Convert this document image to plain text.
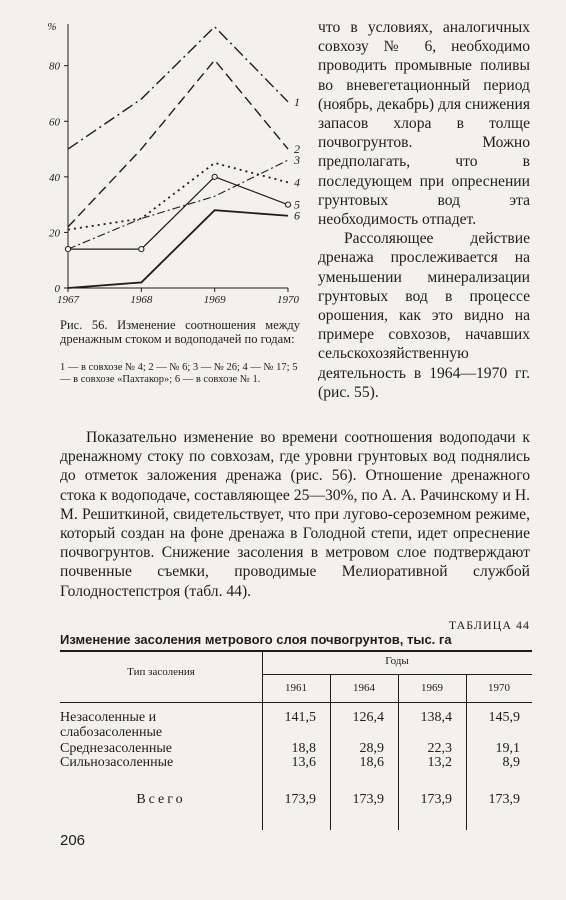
0
20
40
60
80
%
1967	1968	1969	1970
1
2
3
4
5
6
Рис. 56. Изменение соотношения между дренажным стоком и водоподачей по годам:
1 — в совхозе № 4; 2 — № 6; 3 — № 26; 4 — № 17; 5 — в совхозе «Пахтакор»; 6 — в совхозе № 1.

что в условиях, аналогичных совхозу № 6, необходимо проводить промывные поливы во вневегетационный период (ноябрь, декабрь) для снижения запасов хлора в толще почвогрунтов. Можно предполагать, что в последующем при опреснении грунтовых вод эта необходимость отпадет.

Рассоляющее действие дренажа прослеживается на уменьшении минерализации грунтовых вод в процессе орошения, как это видно на примере совхозов, начавших сельскохозяйственную деятельность в 1964—1970 гг. (рис. 55).

Показательно изменение во времени соотношения водоподачи к дренажному стоку по совхозам, где уровни грунтовых вод поднялись до отметок заложения дренажа (рис. 56). Отношение дренажного стока к водоподаче, составляющее 25—30%, по А. А. Рачинскому и Н. М. Решиткиной, свидетельствует, что при лугово-сероземном режиме, который создан на фоне дренажа в Голодной степи, идет опреснение почвогрунтов. Снижение засоления в метровом слое подтверждают почвенные съемки, проводимые Мелиоративной службой Голодностепстроя (табл. 44).

ТАБЛИЦА 44
Изменение засоления метрового слоя почвогрунтов, тыс. га
Тип засоления
Годы
1961	1964	1969	1970
Незасоленные и слабозасоленные
141,5	126,4	138,4	145,9
Среднезасоленные	18,8	28,9	22,3	19,1
Сильнозасоленные	13,6	18,6	13,2	8,9
Всего	173,9	173,9	173,9	173,9
206
